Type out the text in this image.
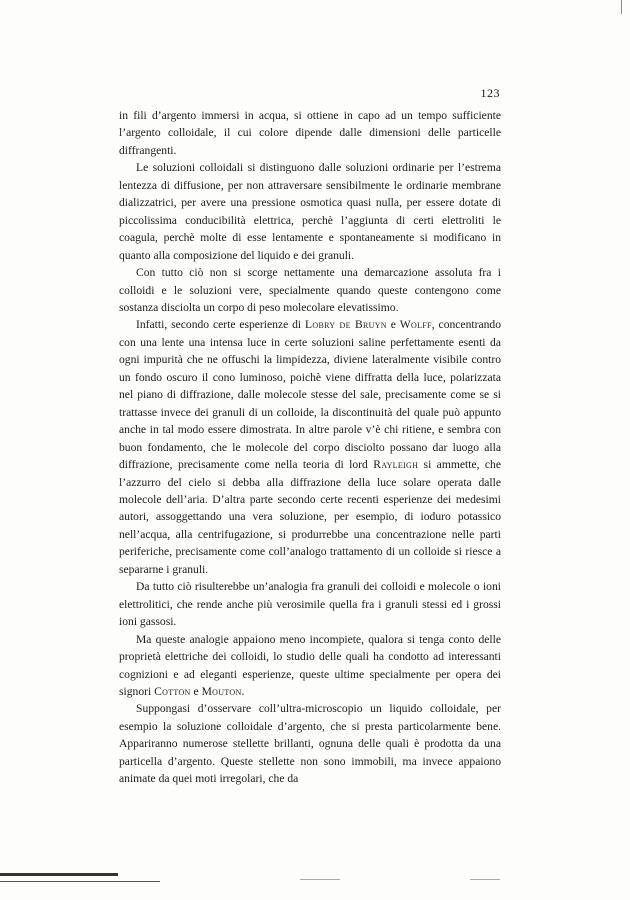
123

in fili d’argento immersi in acqua, si ottiene in capo ad un tempo sufficiente l’argento colloidale, il cui colore dipende dalle dimensioni delle particelle diffrangenti.

Le soluzioni colloidali si distinguono dalle soluzioni ordinarie per l’estrema lentezza di diffusione, per non attraversare sensibilmente le ordinarie membrane dializzatrici, per avere una pressione osmotica quasi nulla, per essere dotate di piccolissima conducibilità elettrica, perchè l’aggiunta di certi elettroliti le coagula, perchè molte di esse lentamente e spontaneamente si modificano in quanto alla composizione del liquido e dei granuli.

Con tutto ciò non si scorge nettamente una demarcazione assoluta fra i colloidi e le soluzioni vere, specialmente quando queste contengono come sostanza disciolta un corpo di peso molecolare elevatissimo.

Infatti, secondo certe esperienze di Lobry de Bruyn e Wolff, concentrando con una lente una intensa luce in certe soluzioni saline perfettamente esenti da ogni impurità che ne offuschi la limpidezza, diviene lateralmente visibile contro un fondo oscuro il cono luminoso, poichè viene diffratta della luce, polarizzata nel piano di diffrazione, dalle molecole stesse del sale, precisamente come se si trattasse invece dei granuli di un colloide, la discontinuità del quale può appunto anche in tal modo essere dimostrata. In altre parole v’è chi ritiene, e sembra con buon fondamento, che le molecole del corpo disciolto possano dar luogo alla diffrazione, precisamente come nella teoria di lord Rayleigh si ammette, che l’azzurro del cielo si debba alla diffrazione della luce solare operata dalle molecole dell’aria. D’altra parte secondo certe recenti esperienze dei medesimi autori, assoggettando una vera soluzione, per esempio, di ioduro potassico nell’acqua, alla centrifugazione, si produrrebbe una concentrazione nelle parti periferiche, precisamente come coll’analogo trattamento di un colloide si riesce a separarne i granuli.

Da tutto ciò risulterebbe un’analogia fra granuli dei colloidi e molecole o ioni elettrolitici, che rende anche più verosimile quella fra i granuli stessi ed i grossi ioni gassosi.

Ma queste analogie appaiono meno incompiete, qualora si tenga conto delle proprietà elettriche dei colloidi, lo studio delle quali ha condotto ad interessanti cognizioni e ad eleganti esperienze, queste ultime specialmente per opera dei signori Cotton e Mouton.

Suppongasi d’osservare coll’ultra-microscopio un liquido colloidale, per esempio la soluzione colloidale d’argento, che si presta particolarmente bene. Appariranno numerose stellette brillanti, ognuna delle quali è prodotta da una particella d’argento. Queste stellette non sono immobili, ma invece appaiono animate da quei moti irregolari, che da
